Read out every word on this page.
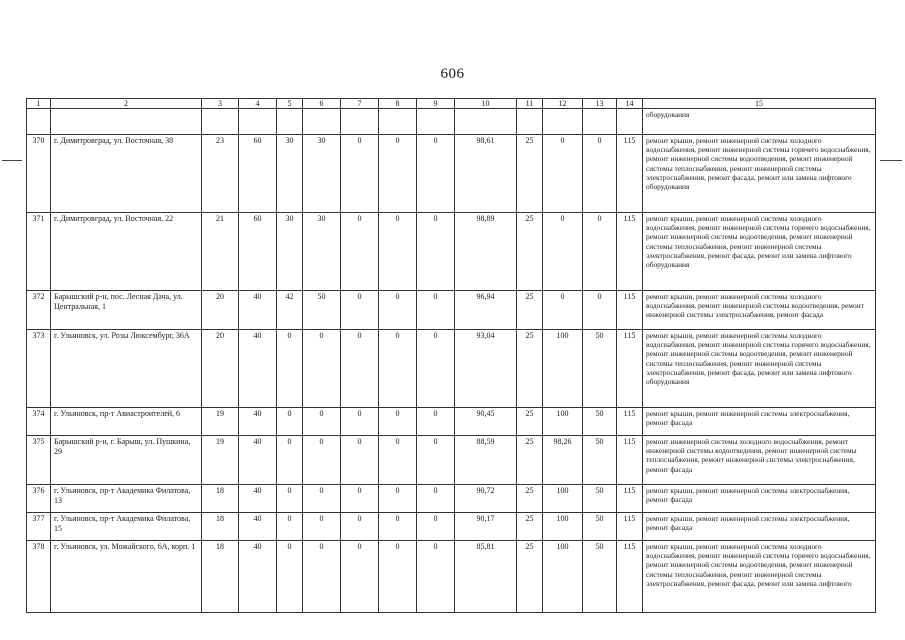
606
1	2	3	4	5	6	7	8	9	10	11	12	13	14	15
														оборудования
370	г. Димитровград, ул. Восточная, 38	23	60	30	30	0	0	0	98,61	25	0	0	115	ремонт крыши, ремонт инженерной системы холодного водоснабжения, ремонт инженерной системы горячего водоснабжения, ремонт инженерной системы водоотведения, ремонт инженерной системы теплоснабжения, ремонт инженерной системы электроснабжения, ремонт фасада, ремонт или замена лифтового оборудования
371	г. Димитровград, ул. Восточная, 22	21	60	30	30	0	0	0	98,89	25	0	0	115	ремонт крыши, ремонт инженерной системы холодного водоснабжения, ремонт инженерной системы горячего водоснабжения, ремонт инженерной системы водоотведения, ремонт инженерной системы теплоснабжения, ремонт инженерной системы электроснабжения, ремонт фасада, ремонт или замена лифтового оборудования
372	Барышский р-н, пос. Лесная Дача, ул. Центральная, 1	20	40	42	50	0	0	0	96,94	25	0	0	115	ремонт крыши, ремонт инженерной системы холодного водоснабжения, ремонт инженерной системы водоотведения, ремонт инженерной системы электроснабжения, ремонт фасада
373	г. Ульяновск, ул. Розы Люксембург, 36А	20	40	0	0	0	0	0	93,04	25	100	50	115	ремонт крыши, ремонт инженерной системы холодного водоснабжения, ремонт инженерной системы горячего водоснабжения, ремонт инженерной системы водоотведения, ремонт инженерной системы теплоснабжения, ремонт инженерной системы электроснабжения, ремонт фасада, ремонт или замена лифтового оборудования
374	г. Ульяновск, пр-т Авиастроителей, 6	19	40	0	0	0	0	0	90,45	25	100	50	115	ремонт крыши, ремонт инженерной системы электроснабжения, ремонт фасада
375	Барышский р-н, г. Барыш, ул. Пушкина, 29	19	40	0	0	0	0	0	88,59	25	98,26	50	115	ремонт инженерной системы холодного водоснабжения, ремонт инженерной системы водоотведения, ремонт инженерной системы теплоснабжения, ремонт инженерной системы электроснабжения, ремонт фасада
376	г. Ульяновск, пр-т Академика Филатова, 13	18	40	0	0	0	0	0	90,72	25	100	50	115	ремонт крыши, ремонт инженерной системы электроснабжения, ремонт фасада
377	г. Ульяновск, пр-т Академика Филатова, 15	18	40	0	0	0	0	0	90,17	25	100	50	115	ремонт крыши, ремонт инженерной системы электроснабжения, ремонт фасада
378	г. Ульяновск, ул. Можайского, 6А, корп. 1	18	40	0	0	0	0	0	85,81	25	100	50	115	ремонт крыши, ремонт инженерной системы холодного водоснабжения, ремонт инженерной системы горячего водоснабжения, ремонт инженерной системы водоотведения, ремонт инженерной системы теплоснабжения, ремонт инженерной системы электроснабжения, ремонт фасада, ремонт или замена лифтового
